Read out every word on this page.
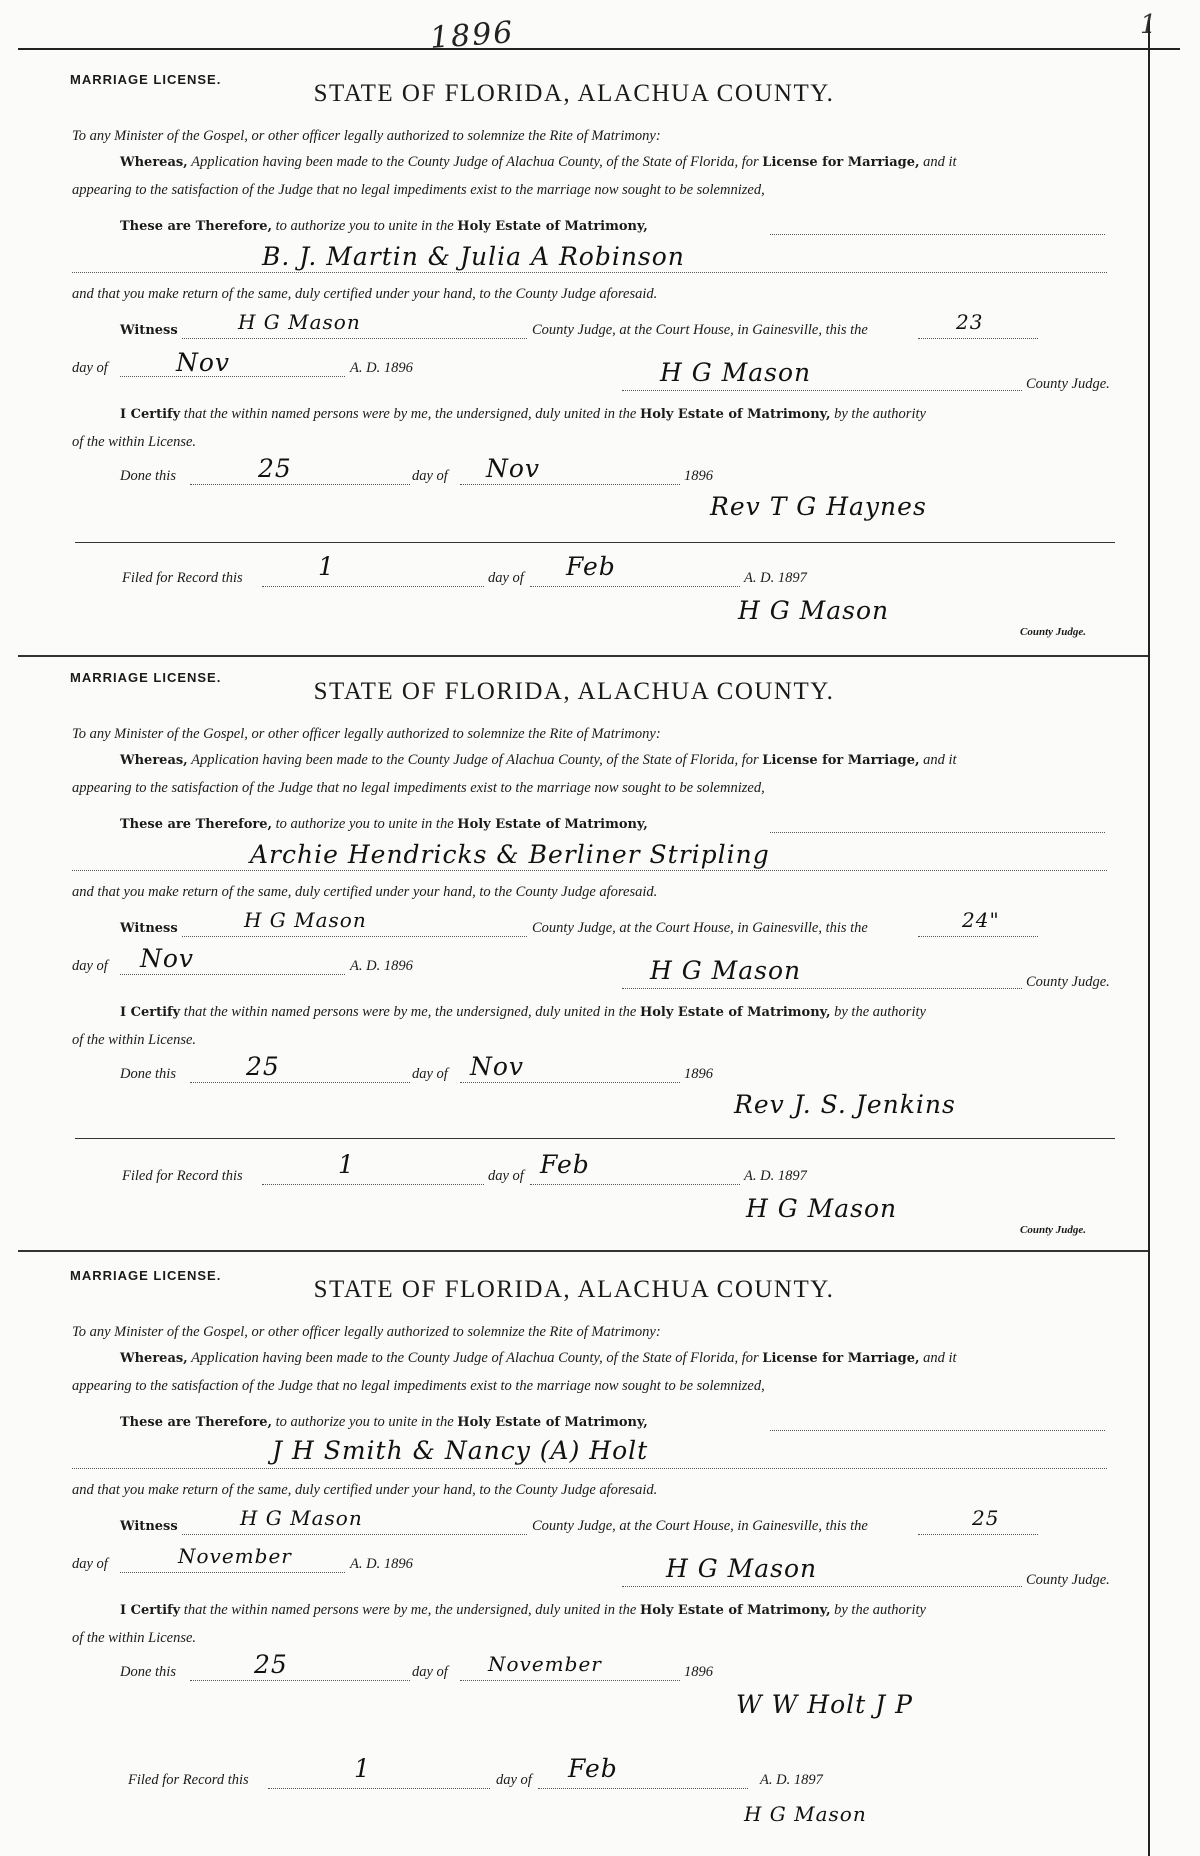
1896	1
MARRIAGE LICENSE.
STATE OF FLORIDA, ALACHUA COUNTY.
To any Minister of the Gospel, or other officer legally authorized to solemnize the Rite of Matrimony:
Whereas, Application having been made to the County Judge of Alachua County, of the State of Florida, for License for Marriage, and it
appearing to the satisfaction of the Judge that no legal impediments exist to the marriage now sought to be solemnized,
These are Therefore, to authorize you to unite in the Holy Estate of Matrimony,
B. J. Martin & Julia A Robinson
and that you make return of the same, duly certified under your hand, to the County Judge aforesaid.
Witness	H G Mason	County Judge, at the Court House, in Gainesville, this the	23
day of	Nov	A. D. 1896	H G Mason	County Judge.
I Certify that the within named persons were by me, the undersigned, duly united in the Holy Estate of Matrimony, by the authority
of the within License.
Done this	25	day of Nov	1896
Rev T G Haynes
Filed for Record this	1	day of Feb	A. D. 1897
H G Mason
County Judge.
MARRIAGE LICENSE.
STATE OF FLORIDA, ALACHUA COUNTY.
To any Minister of the Gospel, or other officer legally authorized to solemnize the Rite of Matrimony:
Whereas, Application having been made to the County Judge of Alachua County, of the State of Florida, for License for Marriage, and it
appearing to the satisfaction of the Judge that no legal impediments exist to the marriage now sought to be solemnized,
These are Therefore, to authorize you to unite in the Holy Estate of Matrimony,
Archie Hendricks & Berliner Stripling
and that you make return of the same, duly certified under your hand, to the County Judge aforesaid.
Witness	H G Mason	County Judge, at the Court House, in Gainesville, this the	24"
day of Nov	A. D. 1896	H G Mason	County Judge.
I Certify that the within named persons were by me, the undersigned, duly united in the Holy Estate of Matrimony, by the authority
of the within License.
Done this	25	day of Nov	1896
Rev J. S. Jenkins
Filed for Record this	1	day of Feb	A. D. 1897
H G Mason
County Judge.
MARRIAGE LICENSE.
STATE OF FLORIDA, ALACHUA COUNTY.
To any Minister of the Gospel, or other officer legally authorized to solemnize the Rite of Matrimony:
Whereas, Application having been made to the County Judge of Alachua County, of the State of Florida, for License for Marriage, and it
appearing to the satisfaction of the Judge that no legal impediments exist to the marriage now sought to be solemnized,
These are Therefore, to authorize you to unite in the Holy Estate of Matrimony,
J H Smith & Nancy (A) Holt
and that you make return of the same, duly certified under your hand, to the County Judge aforesaid.
Witness	H G Mason	County Judge, at the Court House, in Gainesville, this the	25
day of	November	A. D. 1896	H G Mason	County Judge.
I Certify that the within named persons were by me, the undersigned, duly united in the Holy Estate of Matrimony, by the authority
of the within License.
Done this	25	day of November	1896
W W Holt J P
Filed for Record this	1	day of Feb	A. D. 1897
H G Mason
